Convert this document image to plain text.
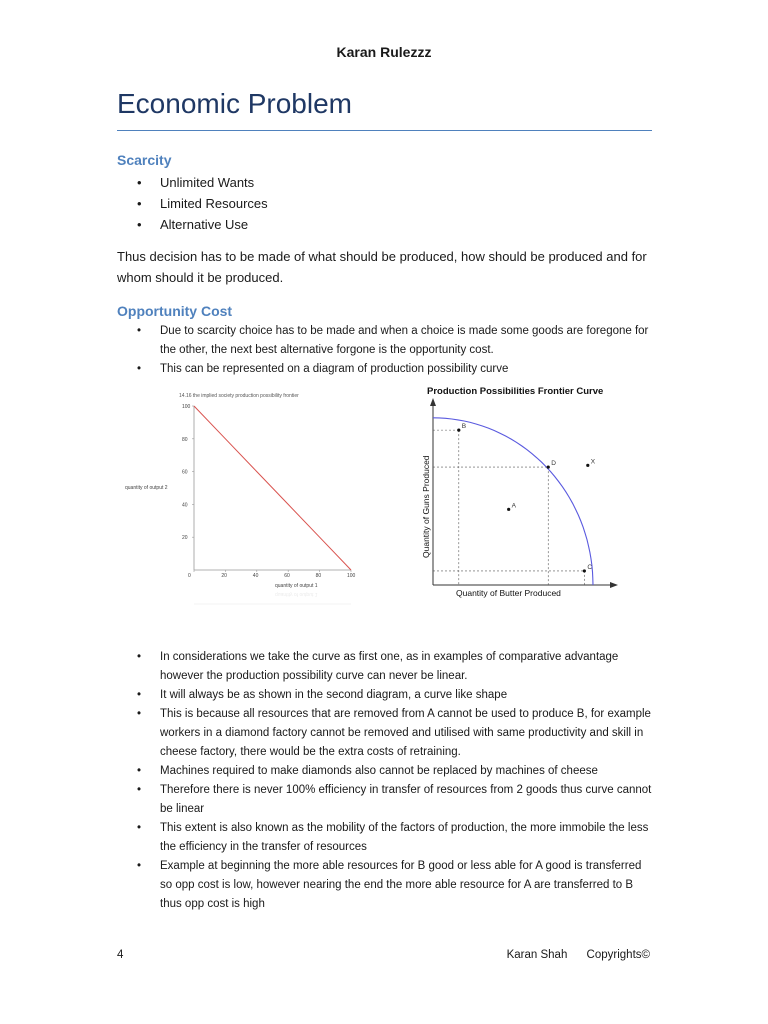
Karan Rulezzz
Economic Problem
Scarcity
• Unlimited Wants
• Limited Resources
• Alternative Use

Thus decision has to be made of what should be produced, how should be produced and for whom should it be produced.

Opportunity Cost
• Due to scarcity choice has to be made and when a choice is made some goods are foregone for the other, the next best alternative forgone is the opportunity cost.
• This can be represented on a diagram of production possibility curve
14.16 the implied society production possibility frontier
0	20	40	60	80	100
20
40
60
80
100
quantity of output 2
quantity of output 1
quantity of output 1
Production Possibilities Frontier Curve
Quantity of Guns Produced
Quantity of Butter Produced
B
D	X
A
C
• In considerations we take the curve as first one, as in examples of comparative advantage however the production possibility curve can never be linear.
• It will always be as shown in the second diagram, a curve like shape
• This is because all resources that are removed from A cannot be used to produce B, for example workers in a diamond factory cannot be removed and utilised with same productivity and skill in cheese factory, there would be the extra costs of retraining.
• Machines required to make diamonds also cannot be replaced by machines of cheese
• Therefore there is never 100% efficiency in transfer of resources from 2 goods thus curve cannot be linear
• This extent is also known as the mobility of the factors of production, the more immobile the less the efficiency in the transfer of resources
• Example at beginning the more able resources for B good or less able for A good is transferred so opp cost is low, however nearing the end the more able resource for A are transferred to B thus opp cost is high
4	Karan Shah Copyrights©
